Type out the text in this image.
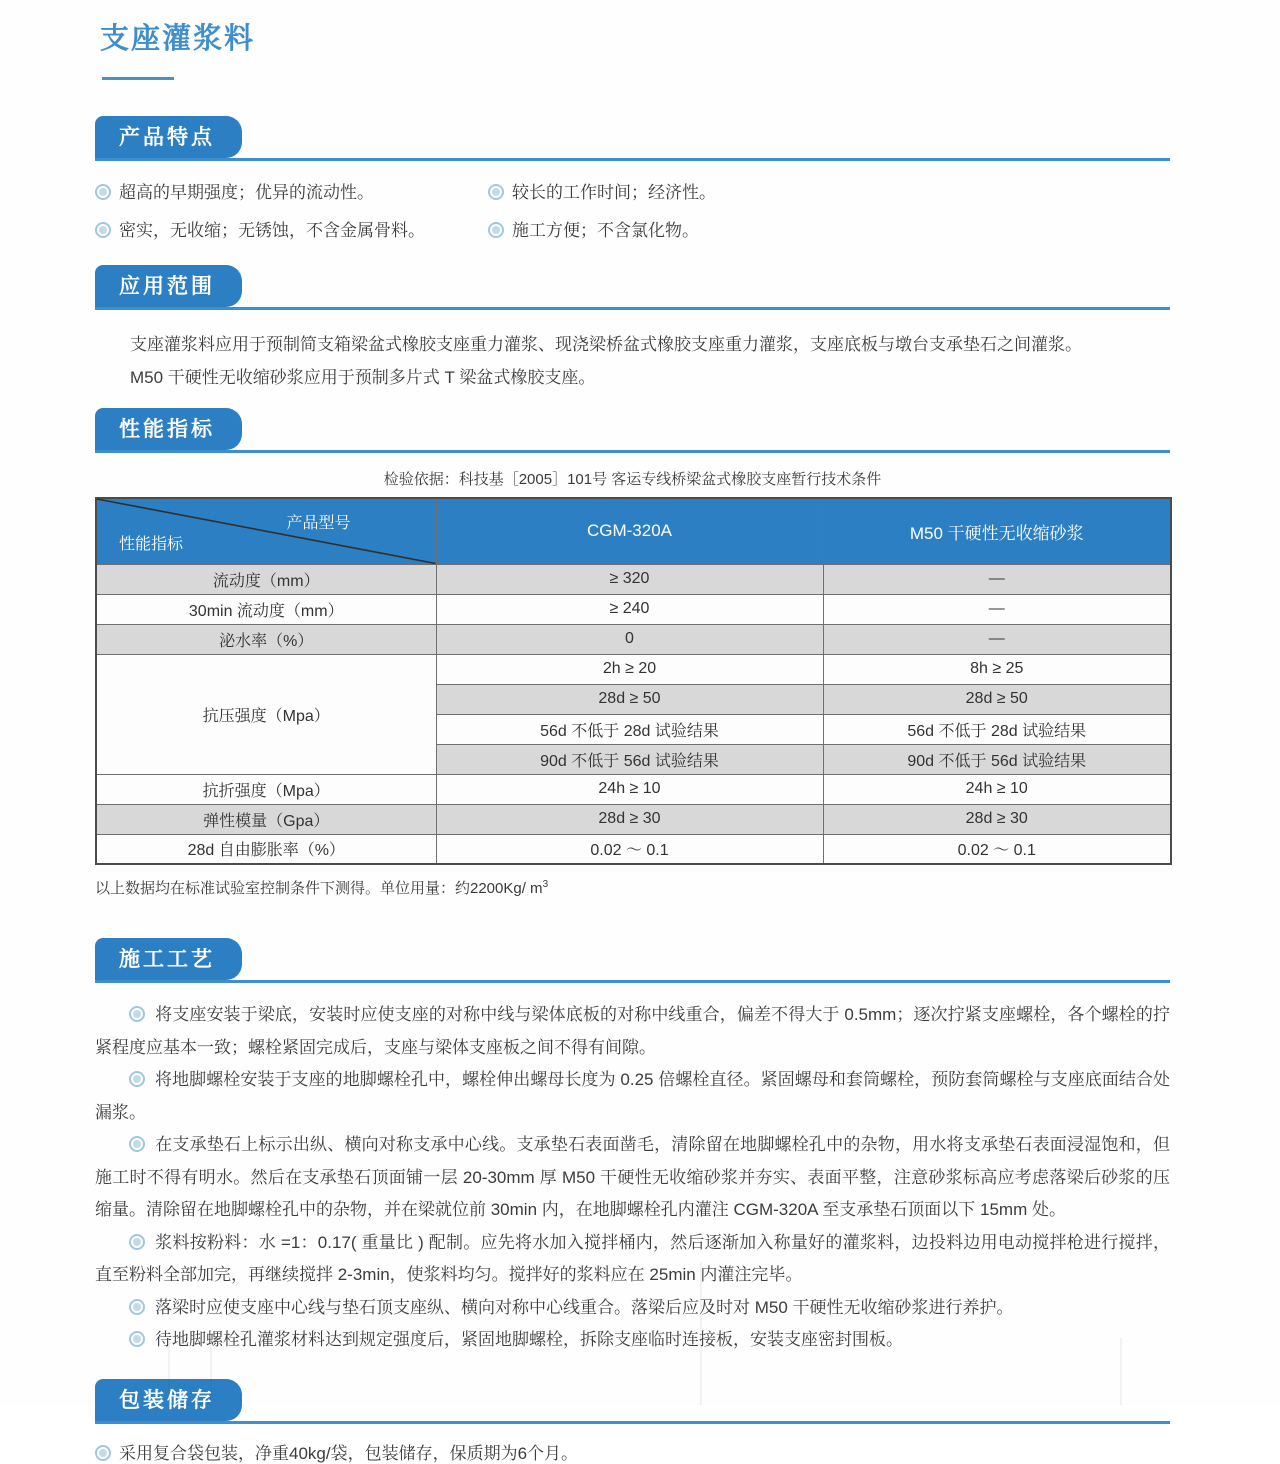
支座灌浆料
产品特点
超高的早期强度；优异的流动性。	较长的工作时间；经济性。
密实，无收缩；无锈蚀，不含金属骨料。	施工方便；不含氯化物。
应用范围
支座灌浆料应用于预制简支箱梁盆式橡胶支座重力灌浆、现浇梁桥盆式橡胶支座重力灌浆，支座底板与墩台支承垫石之间灌浆。
M50 干硬性无收缩砂浆应用于预制多片式 T 梁盆式橡胶支座。
性能指标
检验依据：科技基［2005］101号 客运专线桥梁盆式橡胶支座暂行技术条件
产品型号
性能指标	CGM-320A	M50 干硬性无收缩砂浆
流动度（mm）	≥ 320	—
30min 流动度（mm）	≥ 240	—
泌水率（%）	0	—
抗压强度（Mpa）	2h ≥ 20	8h ≥ 25
	28d ≥ 50	28d ≥ 50
	56d 不低于 28d 试验结果	56d 不低于 28d 试验结果
	90d 不低于 56d 试验结果	90d 不低于 56d 试验结果
抗折强度（Mpa）	24h ≥ 10	24h ≥ 10
弹性模量（Gpa）	28d ≥ 30	28d ≥ 30
28d 自由膨胀率（%）	0.02 ～ 0.1	0.02 ～ 0.1
以上数据均在标准试验室控制条件下测得。单位用量：约2200Kg/ $m^3$
施工工艺

将支座安装于梁底，安装时应使支座的对称中线与梁体底板的对称中线重合，偏差不得大于 0.5mm；逐次拧紧支座螺栓，各个螺栓的拧紧程度应基本一致；螺栓紧固完成后，支座与梁体支座板之间不得有间隙。

将地脚螺栓安装于支座的地脚螺栓孔中，螺栓伸出螺母长度为 0.25 倍螺栓直径。紧固螺母和套筒螺栓，预防套筒螺栓与支座底面结合处漏浆。

在支承垫石上标示出纵、横向对称支承中心线。支承垫石表面凿毛，清除留在地脚螺栓孔中的杂物，用水将支承垫石表面浸湿饱和，但施工时不得有明水。然后在支承垫石顶面铺一层 20-30mm 厚 M50 干硬性无收缩砂浆并夯实、表面平整，注意砂浆标高应考虑落梁后砂浆的压缩量。清除留在地脚螺栓孔中的杂物，并在梁就位前 30min 内，在地脚螺栓孔内灌注 CGM-320A 至支承垫石顶面以下 15mm 处。

浆料按粉料：水 =1：0.17( 重量比 ) 配制。应先将水加入搅拌桶内，然后逐渐加入称量好的灌浆料，边投料边用电动搅拌枪进行搅拌，直至粉料全部加完，再继续搅拌 2-3min，使浆料均匀。搅拌好的浆料应在 25min 内灌注完毕。

落梁时应使支座中心线与垫石顶支座纵、横向对称中心线重合。落梁后应及时对 M50 干硬性无收缩砂浆进行养护。

待地脚螺栓孔灌浆材料达到规定强度后，紧固地脚螺栓，拆除支座临时连接板，安装支座密封围板。

包装储存
采用复合袋包装，净重40kg/袋，包装储存，保质期为6个月。
